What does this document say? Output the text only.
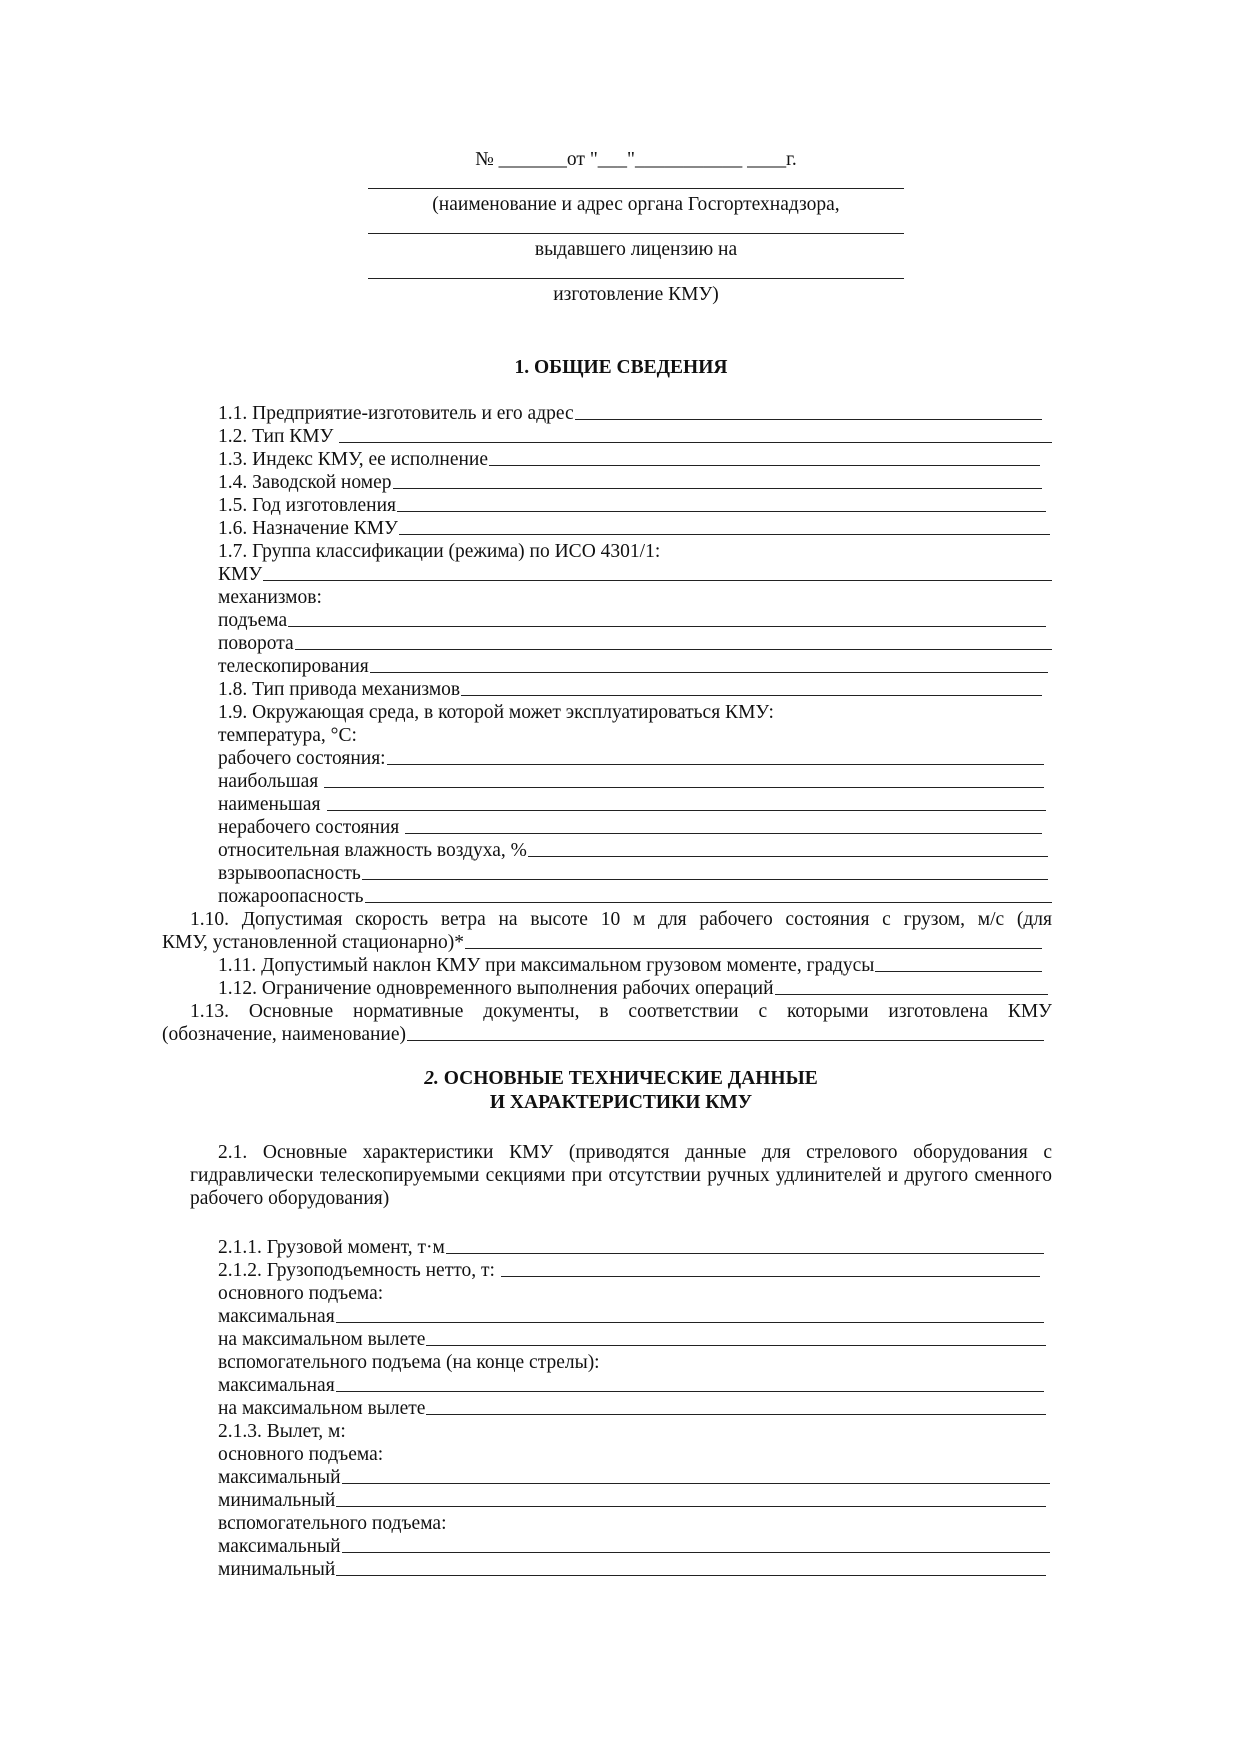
№ _______от "___"___________ ____г.
(наименование и адрес органа Госгортехнадзора,
выдавшего лицензию на
изготовление КМУ)
1. ОБЩИЕ СВЕДЕНИЯ
1.1. Предприятие-изготовитель и его адрес
1.2. Тип КМУ
1.3. Индекс КМУ, ее исполнение
1.4. Заводской номер
1.5. Год изготовления
1.6. Назначение КМУ
1.7. Группа классификации (режима) по ИСО 4301/1:
КМУ
механизмов:
подъема
поворота
телескопирования
1.8. Тип привода механизмов
1.9. Окружающая среда, в которой может эксплуатироваться КМУ:
температура, °С:
рабочего состояния:
наибольшая
наименьшая
нерабочего состояния
относительная влажность воздуха, %
взрывоопасность
пожароопасность
1.10. Допустимая скорость ветра на высоте 10 м для рабочего состояния с грузом, м/с (для
КМУ, установленной стационарно)*
1.11. Допустимый наклон КМУ при максимальном грузовом моменте, градусы
1.12. Ограничение одновременного выполнения рабочих операций
1.13. Основные нормативные документы, в соответствии с которыми изготовлена КМУ
(обозначение, наименование)
2. ОСНОВНЫЕ ТЕХНИЧЕСКИЕ ДАННЫЕ
И ХАРАКТЕРИСТИКИ КМУ
2.1. Основные характеристики КМУ (приводятся данные для стрелового оборудования с гидравлически телескопируемыми секциями при отсутствии ручных удлинителей и другого сменного рабочего оборудования)
2.1.1. Грузовой момент, т·м
2.1.2. Грузоподъемность нетто, т:
основного подъема:
максимальная
на максимальном вылете
вспомогательного подъема (на конце стрелы):
максимальная
на максимальном вылете
2.1.3. Вылет, м:
основного подъема:
максимальный
минимальный
вспомогательного подъема:
максимальный
минимальный
